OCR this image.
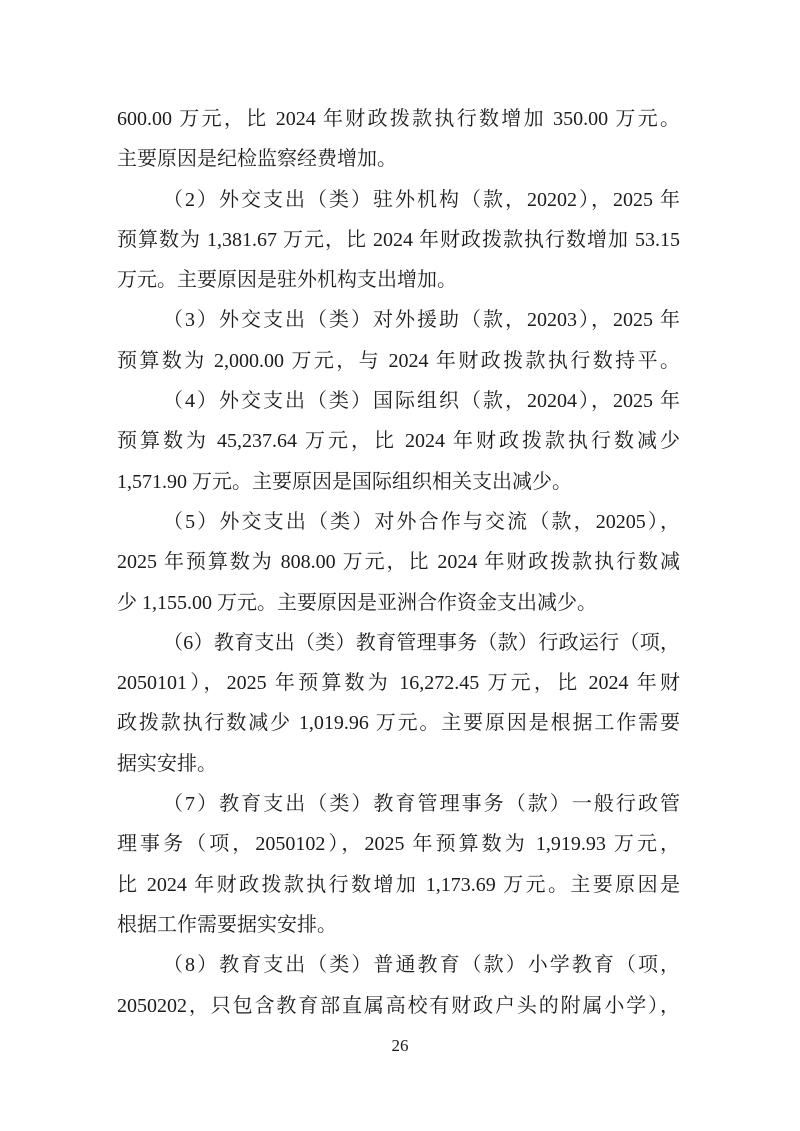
600.00 万元，比 2024 年财政拨款执行数增加 350.00 万元。
主要原因是纪检监察经费增加。
（2）外交支出（类）驻外机构（款，20202），2025 年
预算数为 1,381.67 万元，比 2024 年财政拨款执行数增加 53.15
万元。主要原因是驻外机构支出增加。
（3）外交支出（类）对外援助（款，20203），2025 年
预算数为 2,000.00 万元，与 2024 年财政拨款执行数持平。
（4）外交支出（类）国际组织（款，20204），2025 年
预算数为 45,237.64 万元，比 2024 年财政拨款执行数减少
1,571.90 万元。主要原因是国际组织相关支出减少。
（5）外交支出（类）对外合作与交流（款，20205），
2025 年预算数为 808.00 万元，比 2024 年财政拨款执行数减
少 1,155.00 万元。主要原因是亚洲合作资金支出减少。
（6）教育支出（类）教育管理事务（款）行政运行（项，
2050101），2025 年预算数为 16,272.45 万元，比 2024 年财
政拨款执行数减少 1,019.96 万元。主要原因是根据工作需要
据实安排。
（7）教育支出（类）教育管理事务（款）一般行政管
理事务（项，2050102），2025 年预算数为 1,919.93 万元，
比 2024 年财政拨款执行数增加 1,173.69 万元。主要原因是
根据工作需要据实安排。
（8）教育支出（类）普通教育（款）小学教育（项，
2050202，只包含教育部直属高校有财政户头的附属小学），
26
